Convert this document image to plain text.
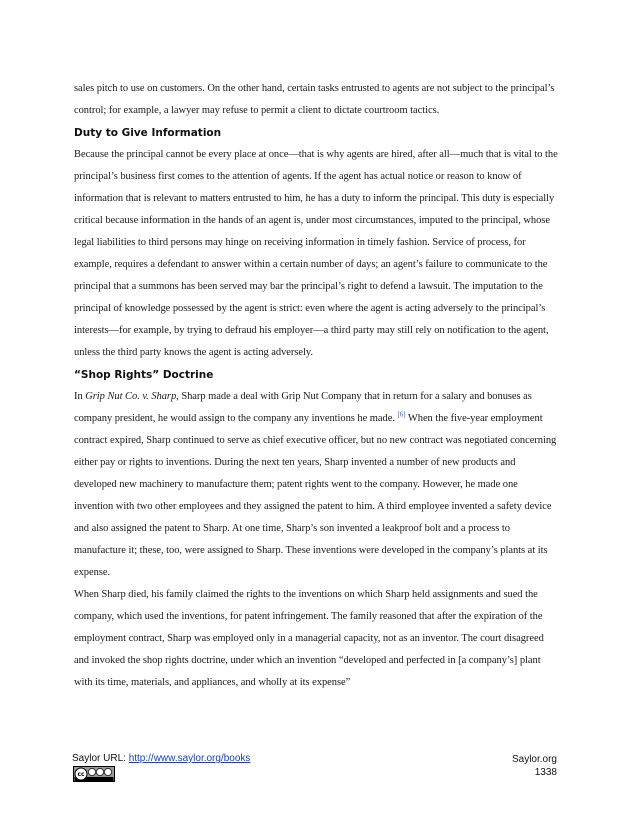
sales pitch to use on customers. On the other hand, certain tasks entrusted to agents are not subject to the principal’s control; for example, a lawyer may refuse to permit a client to dictate courtroom tactics.

Duty to Give Information

Because the principal cannot be every place at once—that is why agents are hired, after all—much that is vital to the principal’s business first comes to the attention of agents. If the agent has actual notice or reason to know of information that is relevant to matters entrusted to him, he has a duty to inform the principal. This duty is especially critical because information in the hands of an agent is, under most circumstances, imputed to the principal, whose legal liabilities to third persons may hinge on receiving information in timely fashion. Service of process, for example, requires a defendant to answer within a certain number of days; an agent’s failure to communicate to the principal that a summons has been served may bar the principal’s right to defend a lawsuit. The imputation to the principal of knowledge possessed by the agent is strict: even where the agent is acting adversely to the principal’s interests—for example, by trying to defraud his employer—a third party may still rely on notification to the agent, unless the third party knows the agent is acting adversely.

“Shop Rights” Doctrine

In Grip Nut Co. v. Sharp, Sharp made a deal with Grip Nut Company that in return for a salary and bonuses as company president, he would assign to the company any inventions he made. [6] When the five-year employment contract expired, Sharp continued to serve as chief executive officer, but no new contract was negotiated concerning either pay or rights to inventions. During the next ten years, Sharp invented a number of new products and developed new machinery to manufacture them; patent rights went to the company. However, he made one invention with two other employees and they assigned the patent to him. A third employee invented a safety device and also assigned the patent to Sharp. At one time, Sharp’s son invented a leakproof bolt and a process to manufacture it; these, too, were assigned to Sharp. These inventions were developed in the company’s plants at its expense.

When Sharp died, his family claimed the rights to the inventions on which Sharp held assignments and sued the company, which used the inventions, for patent infringement. The family reasoned that after the expiration of the employment contract, Sharp was employed only in a managerial capacity, not as an inventor. The court disagreed and invoked the shop rights doctrine, under which an invention “developed and perfected in [a company’s] plant with its time, materials, and appliances, and wholly at its expense”

Saylor URL: http://www.saylor.org/books
cc
Saylor.org
1338
